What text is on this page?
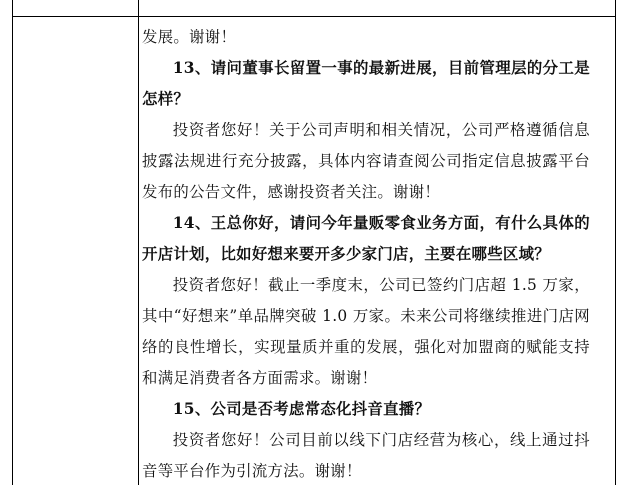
发展。谢谢！

13、请问董事长留置一事的最新进展，目前管理层的分工是怎样？

投资者您好！关于公司声明和相关情况，公司严格遵循信息披露法规进行充分披露，具体内容请查阅公司指定信息披露平台发布的公告文件，感谢投资者关注。谢谢！

14、王总你好，请问今年量贩零食业务方面，有什么具体的开店计划，比如好想来要开多少家门店，主要在哪些区域？

投资者您好！截止一季度末，公司已签约门店超 1.5 万家，其中“好想来”单品牌突破 1.0 万家。未来公司将继续推进门店网络的良性增长，实现量质并重的发展，强化对加盟商的赋能支持和满足消费者各方面需求。谢谢！

15、公司是否考虑常态化抖音直播？

投资者您好！公司目前以线下门店经营为核心，线上通过抖音等平台作为引流方法。谢谢！
